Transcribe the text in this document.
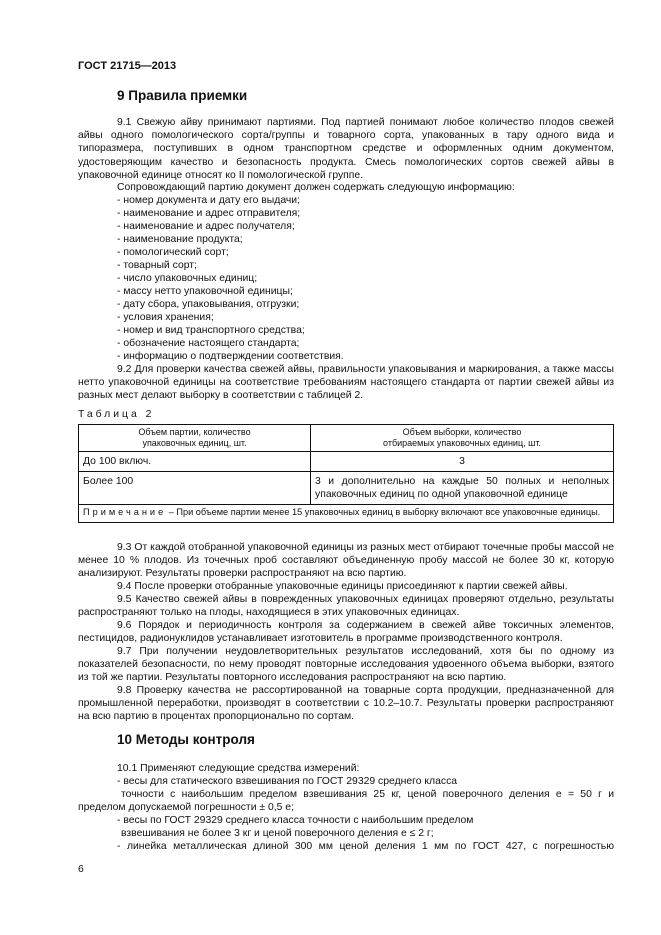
ГОСТ 21715—2013
9 Правила приемки

9.1 Свежую айву принимают партиями. Под партией понимают любое количество плодов свежей айвы одного помологического сорта/группы и товарного сорта, упакованных в тару одного вида и типоразмера, поступивших в одном транспортном средстве и оформленных одним документом, удостоверяющим качество и безопасность продукта. Смесь помологических сортов свежей айвы в упаковочной единице относят ко II помологической группе.

Сопровождающий партию документ должен содержать следующую информацию:
- номер документа и дату его выдачи;
- наименование и адрес отправителя;
- наименование и адрес получателя;
- наименование продукта;
- помологический сорт;
- товарный сорт;
- число упаковочных единиц;
- массу нетто упаковочной единицы;
- дату сбора, упаковывания, отгрузки;
- условия хранения;
- номер и вид транспортного средства;
- обозначение настоящего стандарта;
- информацию о подтверждении соответствия.

9.2 Для проверки качества свежей айвы, правильности упаковывания и маркирования, а также массы нетто упаковочной единицы на соответствие требованиям настоящего стандарта от партии свежей айвы из разных мест делают выборку в соответствии с таблицей 2.

Таблица 2
Объем партии, количество
упаковочных единиц, шт.

Объем выборки, количество
отбираемых упаковочных единиц, шт.

До 100 включ.	3
Более 100	3 и дополнительно на каждые 50 полных и неполных упаковочных единиц по одной упаковочной единице
Примечание – При объеме партии менее 15 упаковочных единиц в выборку включают все упаковочные единицы.	

9.3 От каждой отобранной упаковочной единицы из разных мест отбирают точечные пробы массой не менее 10 % плодов. Из точечных проб составляют объединенную пробу массой не более 30 кг, которую анализируют. Результаты проверки распространяют на всю партию.

9.4 После проверки отобранные упаковочные единицы присоединяют к партии свежей айвы.

9.5 Качество свежей айвы в поврежденных упаковочных единицах проверяют отдельно, результаты распространяют только на плоды, находящиеся в этих упаковочных единицах.

9.6 Порядок и периодичность контроля за содержанием в свежей айве токсичных элементов, пестицидов, радионуклидов устанавливает изготовитель в программе производственного контроля.

9.7 При получении неудовлетворительных результатов исследований, хотя бы по одному из показателей безопасности, по нему проводят повторные исследования удвоенного объема выборки, взятого из той же партии. Результаты повторного исследования распространяют на всю партию.

9.8 Проверку качества не рассортированной на товарные сорта продукции, предназначенной для промышленной переработки, производят в соответствии с 10.2–10.7. Результаты проверки распространяют на всю партию в процентах пропорционально по сортам.

10 Методы контроля
10.1 Применяют следующие средства измерений:
- весы для статического взвешивания по ГОСТ 29329 среднего класса
точности с наибольшим пределом взвешивания 25 кг, ценой поверочного деления е = 50 г и
пределом допускаемой погрешности ± 0,5 е;
- весы по ГОСТ 29329 среднего класса точности с наибольшим пределом
взвешивания не более 3 кг и ценой поверочного деления е ≤ 2 г;
- линейка металлическая длиной 300 мм ценой деления 1 мм по ГОСТ 427, с погрешностью
6
